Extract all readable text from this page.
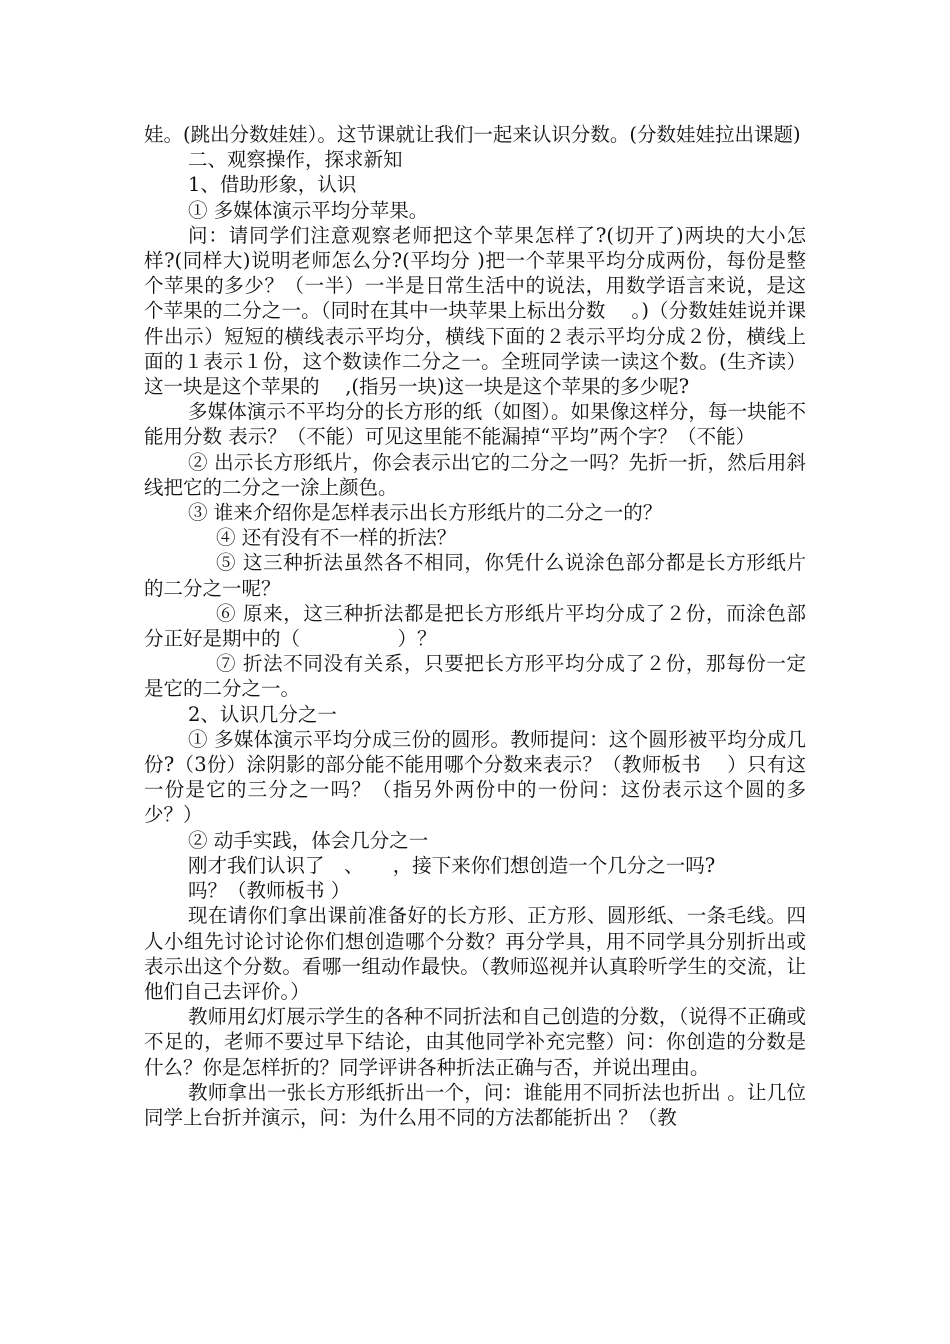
娃。(跳出分数娃娃）。这节课就让我们一起来认识分数。(分数娃娃拉出课题)

二、观察操作，探求新知

1、借助形象，认识

① 多媒体演示平均分苹果。

问：请同学们注意观察老师把这个苹果怎样了?(切开了)两块的大小怎样?(同样大)说明老师怎么分?(平均分 )把一个苹果平均分成两份，每份是整个苹果的多少？（一半）一半是日常生活中的说法，用数学语言来说，是这个苹果的二分之一。（同时在其中一块苹果上标出分数　 。)（分数娃娃说并课件出示）短短的横线表示平均分，横线下面的２表示平均分成２份，横线上面的１表示１份，这个数读作二分之一。全班同学读一读这个数。(生齐读）这一块是这个苹果的　 ,(指另一块)这一块是这个苹果的多少呢?

多媒体演示不平均分的长方形的纸（如图）。如果像这样分，每一块能不能用分数 表示？（不能）可见这里能不能漏掉“平均”两个字？（不能）

② 出示长方形纸片，你会表示出它的二分之一吗？先折一折，然后用斜线把它的二分之一涂上颜色。

③ 谁来介绍你是怎样表示出长方形纸片的二分之一的？

④ 还有没有不一样的折法？

⑤ 这三种折法虽然各不相同，你凭什么说涂色部分都是长方形纸片的二分之一呢？

⑥ 原来，这三种折法都是把长方形纸片平均分成了２份，而涂色部分正好是期中的（　　　　　）？

⑦ 折法不同没有关系，只要把长方形平均分成了２份，那每份一定是它的二分之一。

2、认识几分之一

① 多媒体演示平均分成三份的圆形。教师提问：这个圆形被平均分成几份?（3份）涂阴影的部分能不能用哪个分数来表示？（教师板书　 ）只有这一份是它的三分之一吗？（指另外两份中的一份问：这份表示这个圆的多少？）

② 动手实践，体会几分之一

刚才我们认识了　、　　，接下来你们想创造一个几分之一吗?

吗？（教师板书 ）

现在请你们拿出课前准备好的长方形、正方形、圆形纸、一条毛线。四人小组先讨论讨论你们想创造哪个分数？再分学具，用不同学具分别折出或表示出这个分数。看哪一组动作最快。（教师巡视并认真聆听学生的交流，让他们自己去评价。）

教师用幻灯展示学生的各种不同折法和自己创造的分数，（说得不正确或不足的，老师不要过早下结论，由其他同学补充完整）问：你创造的分数是什么？你是怎样折的？同学评讲各种折法正确与否，并说出理由。

教师拿出一张长方形纸折出一个，问：谁能用不同折法也折出 。让几位同学上台折并演示，问：为什么用不同的方法都能折出 ？（教
